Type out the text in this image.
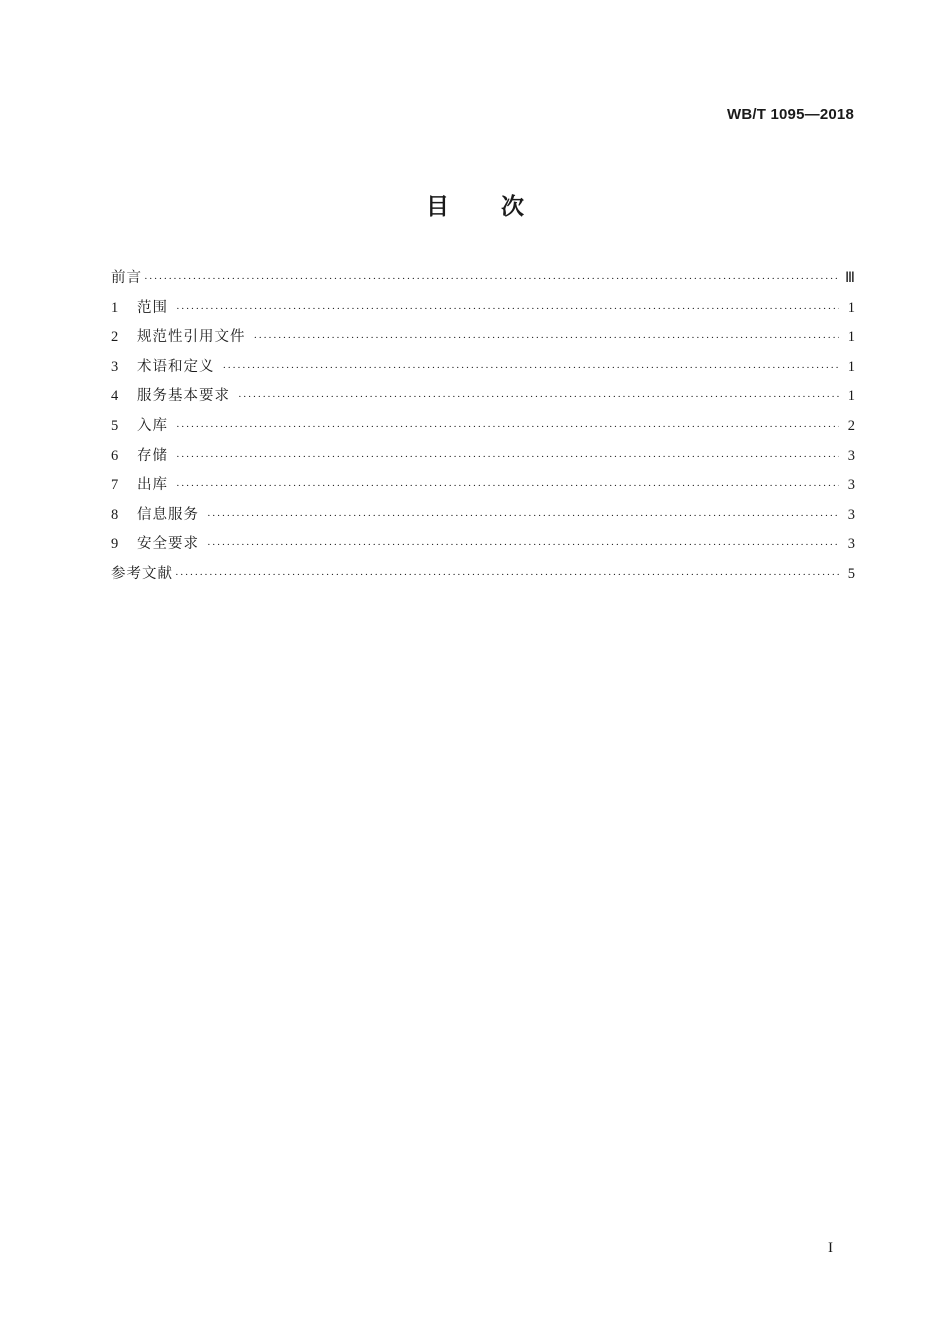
WB/T 1095—2018
目次
前言 ·····	Ⅲ
1	范围 ·····	1
2	规范性引用文件 ·····	1
3	术语和定义 ·····	1
4	服务基本要求 ·····	1
5	入库 ·····	2
6	存储 ·····	3
7	出库 ·····	3
8	信息服务 ·····	3
9	安全要求 ·····	3
参考文献 ·····	5
I
